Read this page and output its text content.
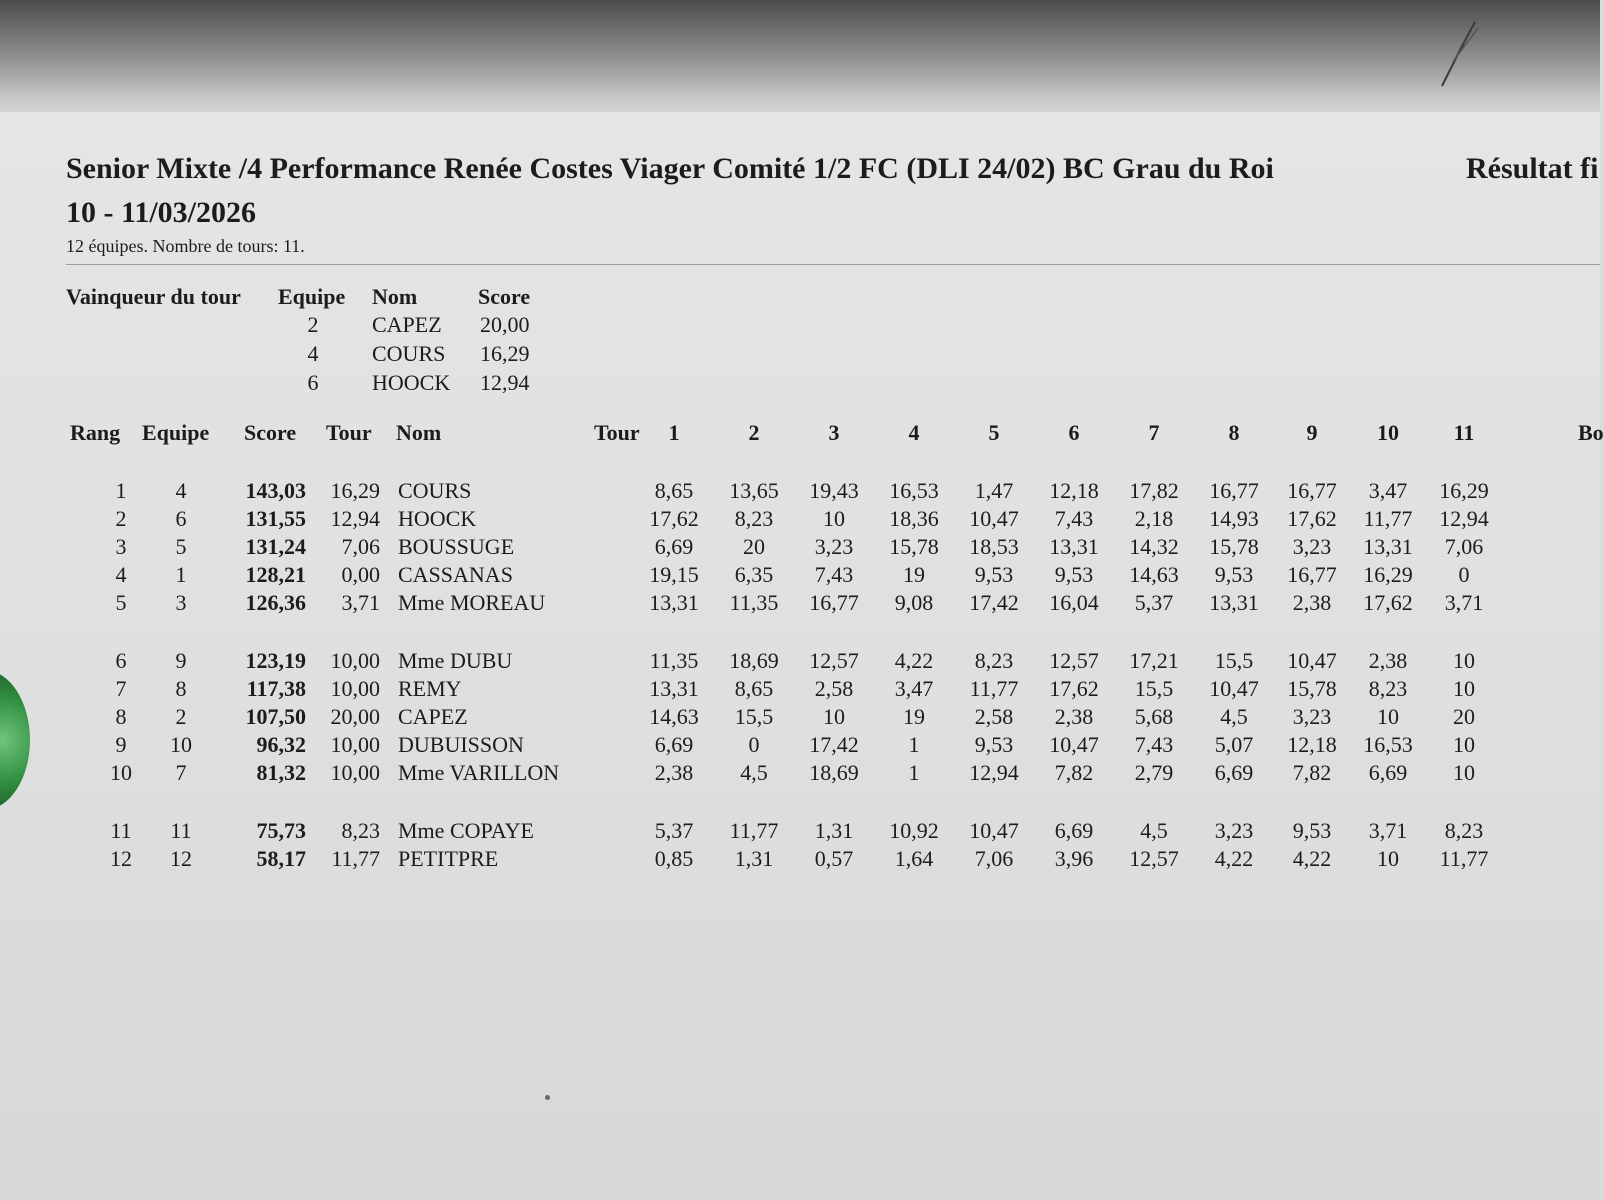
Senior Mixte /4 Performance Renée Costes Viager Comité 1/2 FC (DLI 24/02) BC Grau du Roi	Résultat fi
10 - 11/03/2026
12 équipes. Nombre de tours: 11.
Vainqueur du tour Equipe Nom	Score
2	CAPEZ 20,00
4	COURS 16,29
6	HOOCK 12,94
Rang Equipe Score Tour Nom	Tour	1	2	3	4	5	6	7	8	9	10	11	Bo
1	4	143,03	16,29 COURS	8,65	13,65	19,43	16,53	1,47	12,18	17,82	16,77	16,77	3,47	16,29
2	6	131,55	12,94 HOOCK	17,62	8,23	10	18,36	10,47	7,43	2,18	14,93	17,62	11,77	12,94
3	5	131,24	7,06 BOUSSUGE	6,69	20	3,23	15,78	18,53	13,31	14,32	15,78	3,23	13,31	7,06
4	1	128,21	0,00 CASSANAS	19,15	6,35	7,43	19	9,53	9,53	14,63	9,53	16,77	16,29	0
5	3	126,36	3,71 Mme MOREAU	13,31	11,35	16,77	9,08	17,42	16,04	5,37	13,31	2,38	17,62	3,71
6	9	123,19	10,00 Mme DUBU	11,35	18,69	12,57	4,22	8,23	12,57	17,21	15,5	10,47	2,38	10
7	8	117,38	10,00 REMY	13,31	8,65	2,58	3,47	11,77	17,62	15,5	10,47	15,78	8,23	10
8	2	107,50	20,00 CAPEZ	14,63	15,5	10	19	2,58	2,38	5,68	4,5	3,23	10	20
9	10	96,32	10,00 DUBUISSON	6,69	0	17,42	1	9,53	10,47	7,43	5,07	12,18	16,53	10
10	7	81,32	10,00 Mme VARILLON	2,38	4,5	18,69	1	12,94	7,82	2,79	6,69	7,82	6,69	10
11 11	75,73	8,23 Mme COPAYE	5,37	11,77	1,31	10,92	10,47	6,69	4,5	3,23	9,53	3,71	8,23
12 12	58,17	11,77 PETITPRE	0,85	1,31	0,57	1,64	7,06	3,96	12,57	4,22	4,22	10	11,77
